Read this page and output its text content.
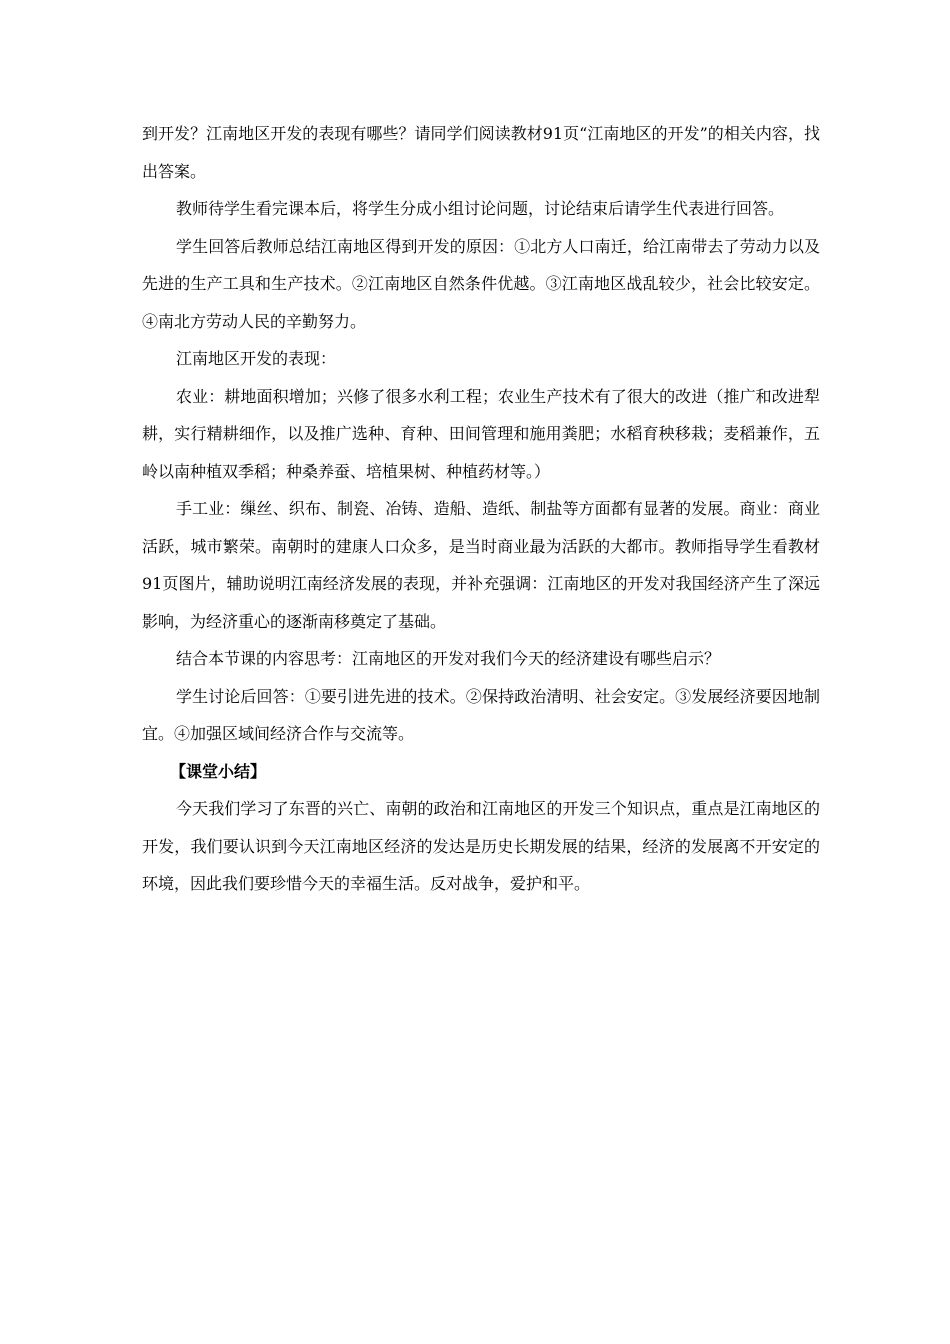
到开发？江南地区开发的表现有哪些？请同学们阅读教材91页“江南地区的开发”的相关内容，找出答案。

教师待学生看完课本后，将学生分成小组讨论问题，讨论结束后请学生代表进行回答。

学生回答后教师总结江南地区得到开发的原因：①北方人口南迁，给江南带去了劳动力以及先进的生产工具和生产技术。②江南地区自然条件优越。③江南地区战乱较少，社会比较安定。④南北方劳动人民的辛勤努力。

江南地区开发的表现：

农业：耕地面积增加；兴修了很多水利工程；农业生产技术有了很大的改进（推广和改进犁耕，实行精耕细作，以及推广选种、育种、田间管理和施用粪肥；水稻育秧移栽；麦稻兼作，五岭以南种植双季稻；种桑养蚕、培植果树、种植药材等。）

手工业：缫丝、织布、制瓷、冶铸、造船、造纸、制盐等方面都有显著的发展。商业：商业活跃，城市繁荣。南朝时的建康人口众多，是当时商业最为活跃的大都市。教师指导学生看教材91页图片，辅助说明江南经济发展的表现，并补充强调：江南地区的开发对我国经济产生了深远影响，为经济重心的逐渐南移奠定了基础。

结合本节课的内容思考：江南地区的开发对我们今天的经济建设有哪些启示？

学生讨论后回答：①要引进先进的技术。②保持政治清明、社会安定。③发展经济要因地制宜。④加强区域间经济合作与交流等。

【课堂小结】

今天我们学习了东晋的兴亡、南朝的政治和江南地区的开发三个知识点，重点是江南地区的开发，我们要认识到今天江南地区经济的发达是历史长期发展的结果，经济的发展离不开安定的环境，因此我们要珍惜今天的幸福生活。反对战争，爱护和平。
